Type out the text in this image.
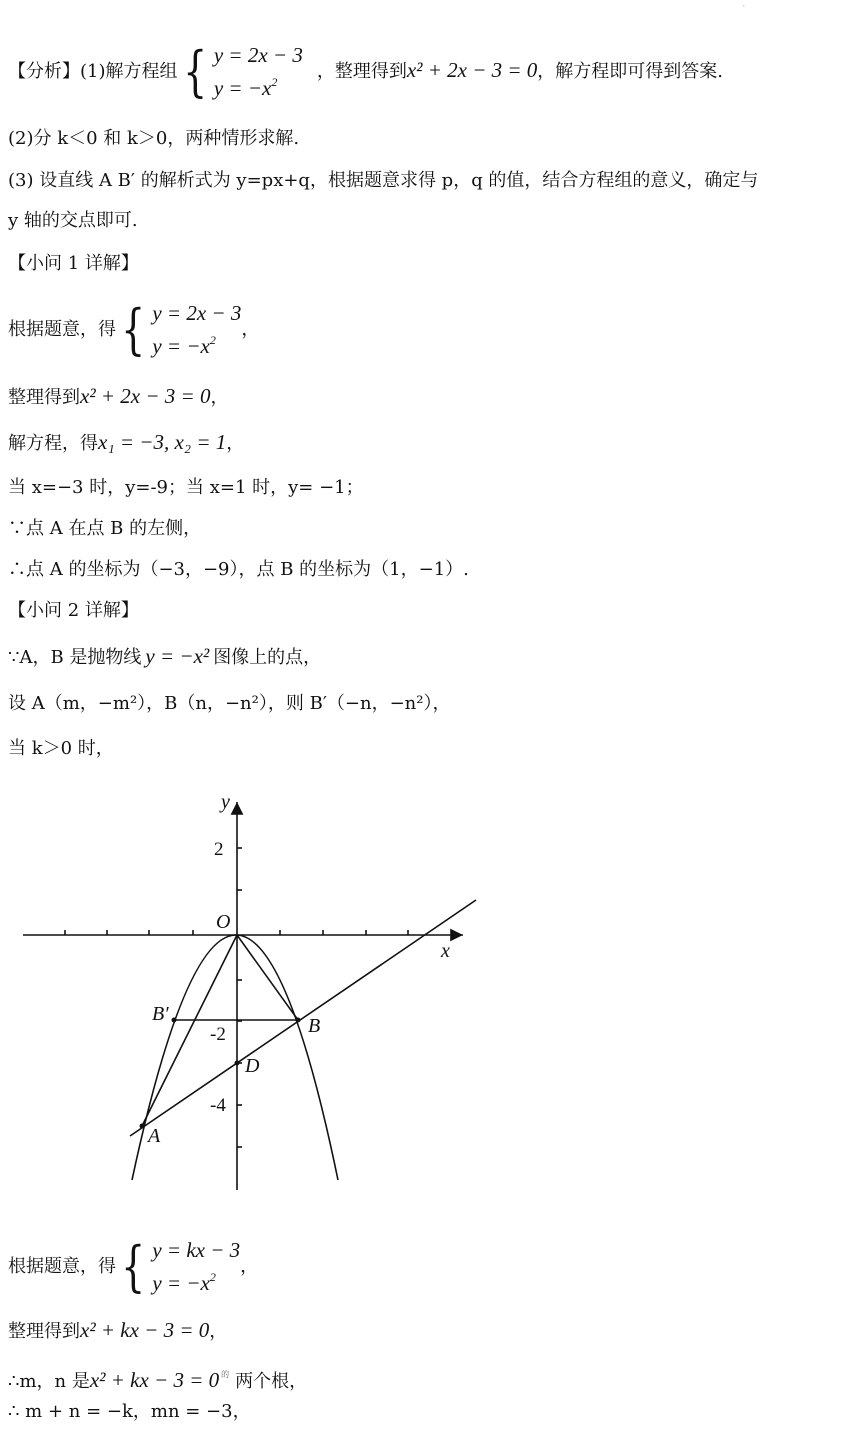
·
【分析】(1)解方程组 { y = 2x − 3
$y = -x^2$	，整理得到x² + 2x − 3 = 0，解方程即可得到答案.
(2)分 k＜0 和 k＞0，两种情形求解.
(3) 设直线 A B′ 的解析式为 y=px+q，根据题意求得 p，q 的值，结合方程组的意义，确定与
y 轴的交点即可.
【小问 1 详解】
根据题意，得 { y = 2x − 3
$y = -x^2$	，
整理得到x² + 2x − 3 = 0，
解方程，得x₁ = −3, x₂ = 1，
当 x=−3 时，y=-9；当 x=1 时，y= −1；
∵点 A 在点 B 的左侧，
∴点 A 的坐标为（−3，−9），点 B 的坐标为（1，−1）.
【小问 2 详解】
∵A，B 是抛物线 y = −x² 图像上的点，
设 A（m，−m²），B（n，−n²），则 B′（−n，−n²），
当 k＞0 时，
y
x
O
A
B
B′
D
2
-2
-4
根据题意，得 { y = kx − 3
$y = -x^2$	，
整理得到x² + kx − 3 = 0，
∴m，n 是x² + kx − 3 = 0 $^的$ 两个根，
∴ m + n = −k，mn = −3，
